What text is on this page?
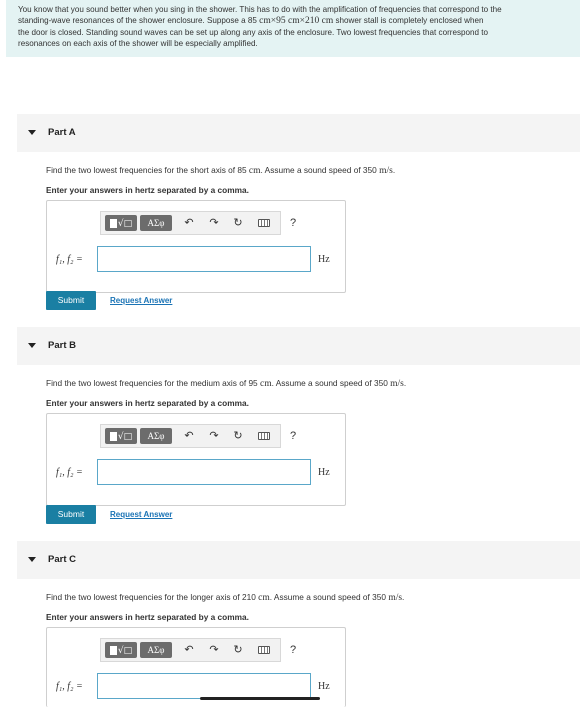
You know that you sound better when you sing in the shower. This has to do with the amplification of frequencies that correspond to the
standing-wave resonances of the shower enclosure. Suppose a 85 cm×95 cm×210 cm shower stall is completely enclosed when
the door is closed. Standing sound waves can be set up along any axis of the enclosure. Two lowest frequencies that correspond to
resonances on each axis of the shower will be especially amplified.
Part A
Find the two lowest frequencies for the short axis of 85 cm. Assume a sound speed of 350 m/s.
Enter your answers in hertz separated by a comma.
√□	AΣφ	↶ ↷ ↻	?
f₁, f₂ =	Hz
Submit	Request Answer
Part B
Find the two lowest frequencies for the medium axis of 95 cm. Assume a sound speed of 350 m/s.
Enter your answers in hertz separated by a comma.
√□	AΣφ	↶ ↷ ↻	?
f₁, f₂ =	Hz
Submit	Request Answer
Part C
Find the two lowest frequencies for the longer axis of 210 cm. Assume a sound speed of 350 m/s.
Enter your answers in hertz separated by a comma.
√□	AΣφ	↶ ↷ ↻	?
f₁, f₂ =	Hz
